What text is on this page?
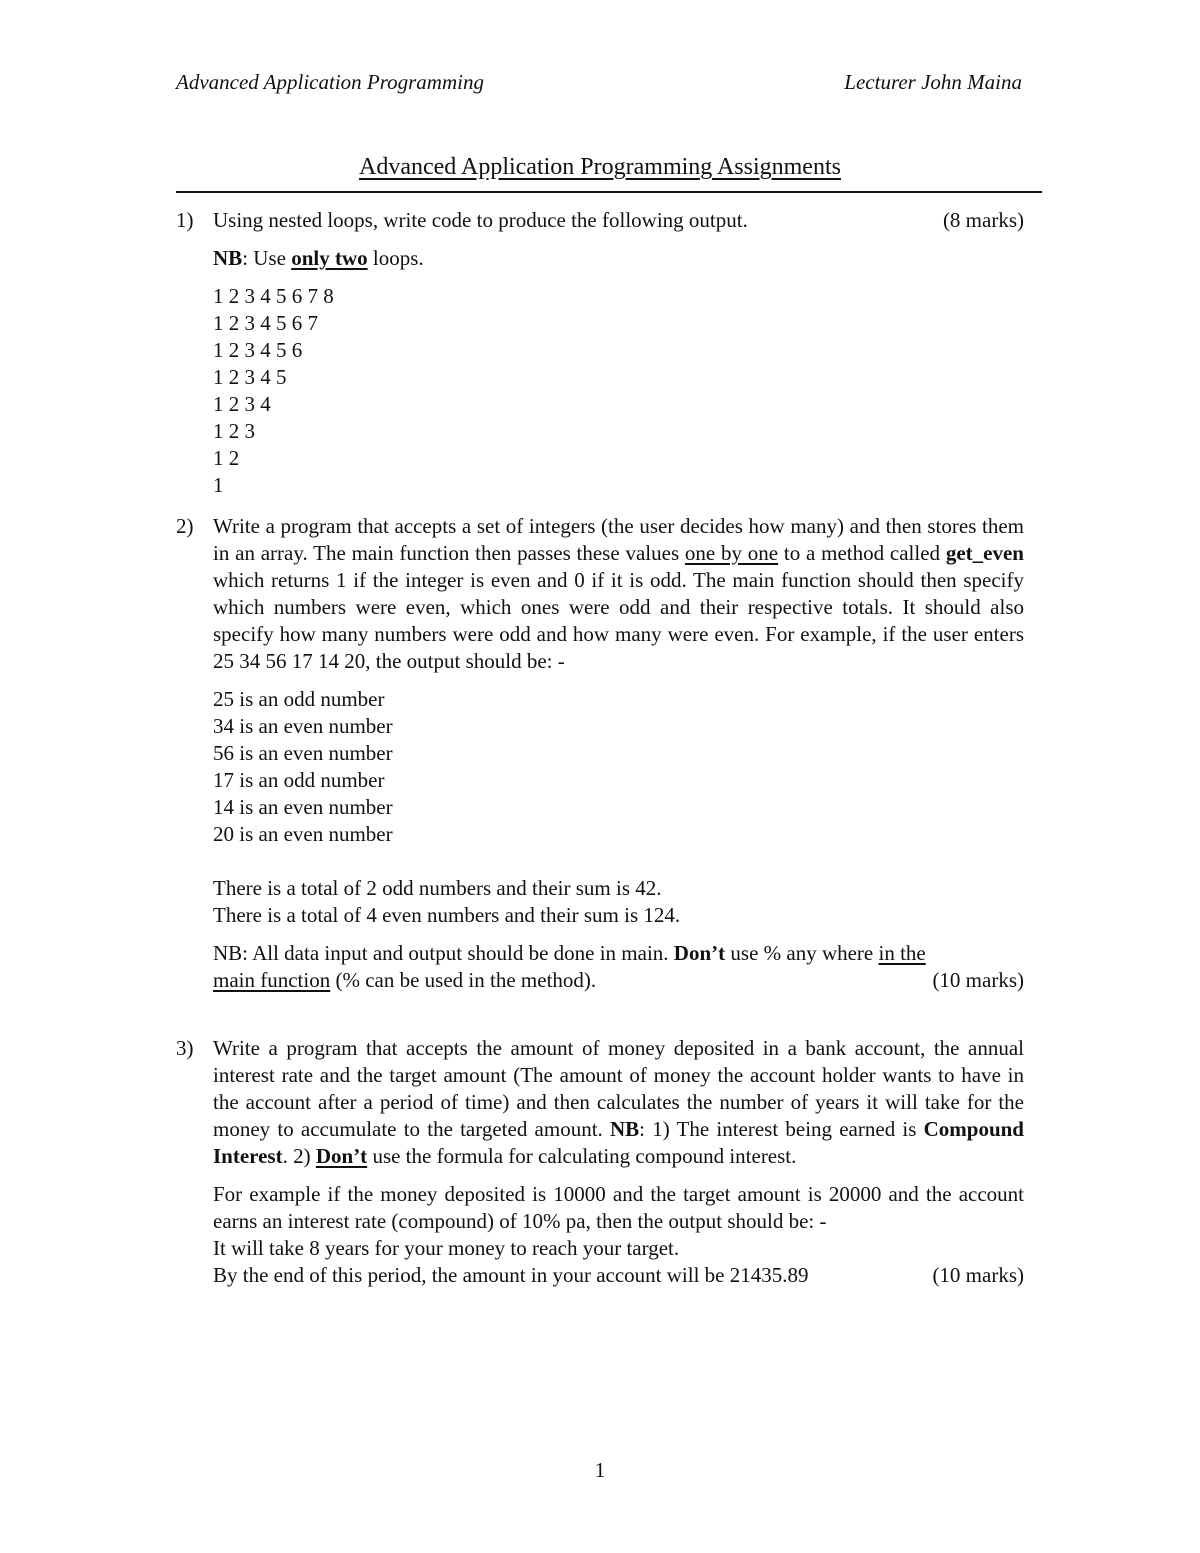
Advanced Application Programming	Lecturer John Maina
Advanced Application Programming Assignments
1) Using nested loops, write code to produce the following output.	(8 marks)

NB: Use only two loops.

1 2 3 4 5 6 7 8
1 2 3 4 5 6 7
1 2 3 4 5 6
1 2 3 4 5
1 2 3 4
1 2 3
1 2
1
2) Write a program that accepts a set of integers (the user decides how many) and then stores them in an array. The main function then passes these values one by one to a method called get_even which returns 1 if the integer is even and 0 if it is odd. The main function should then specify which numbers were even, which ones were odd and their respective totals. It should also specify how many numbers were odd and how many were even. For example, if the user enters 25 34 56 17 14 20, the output should be: -

25 is an odd number
34 is an even number
56 is an even number
17 is an odd number
14 is an even number
20 is an even number
There is a total of 2 odd numbers and their sum is 42.
There is a total of 4 even numbers and their sum is 124.

NB: All data input and output should be done in main. Don’t use % any where in the
main function (% can be used in the method).	(10 marks)

3) Write a program that accepts the amount of money deposited in a bank account, the annual interest rate and the target amount (The amount of money the account holder wants to have in the account after a period of time) and then calculates the number of years it will take for the money to accumulate to the targeted amount. NB: 1) The interest being earned is Compound Interest. 2) Don’t use the formula for calculating compound interest.

For example if the money deposited is 10000 and the target amount is 20000 and the account earns an interest rate (compound) of 10% pa, then the output should be: -

It will take 8 years for your money to reach your target.

By the end of this period, the amount in your account will be 21435.89	(10 marks)

1
